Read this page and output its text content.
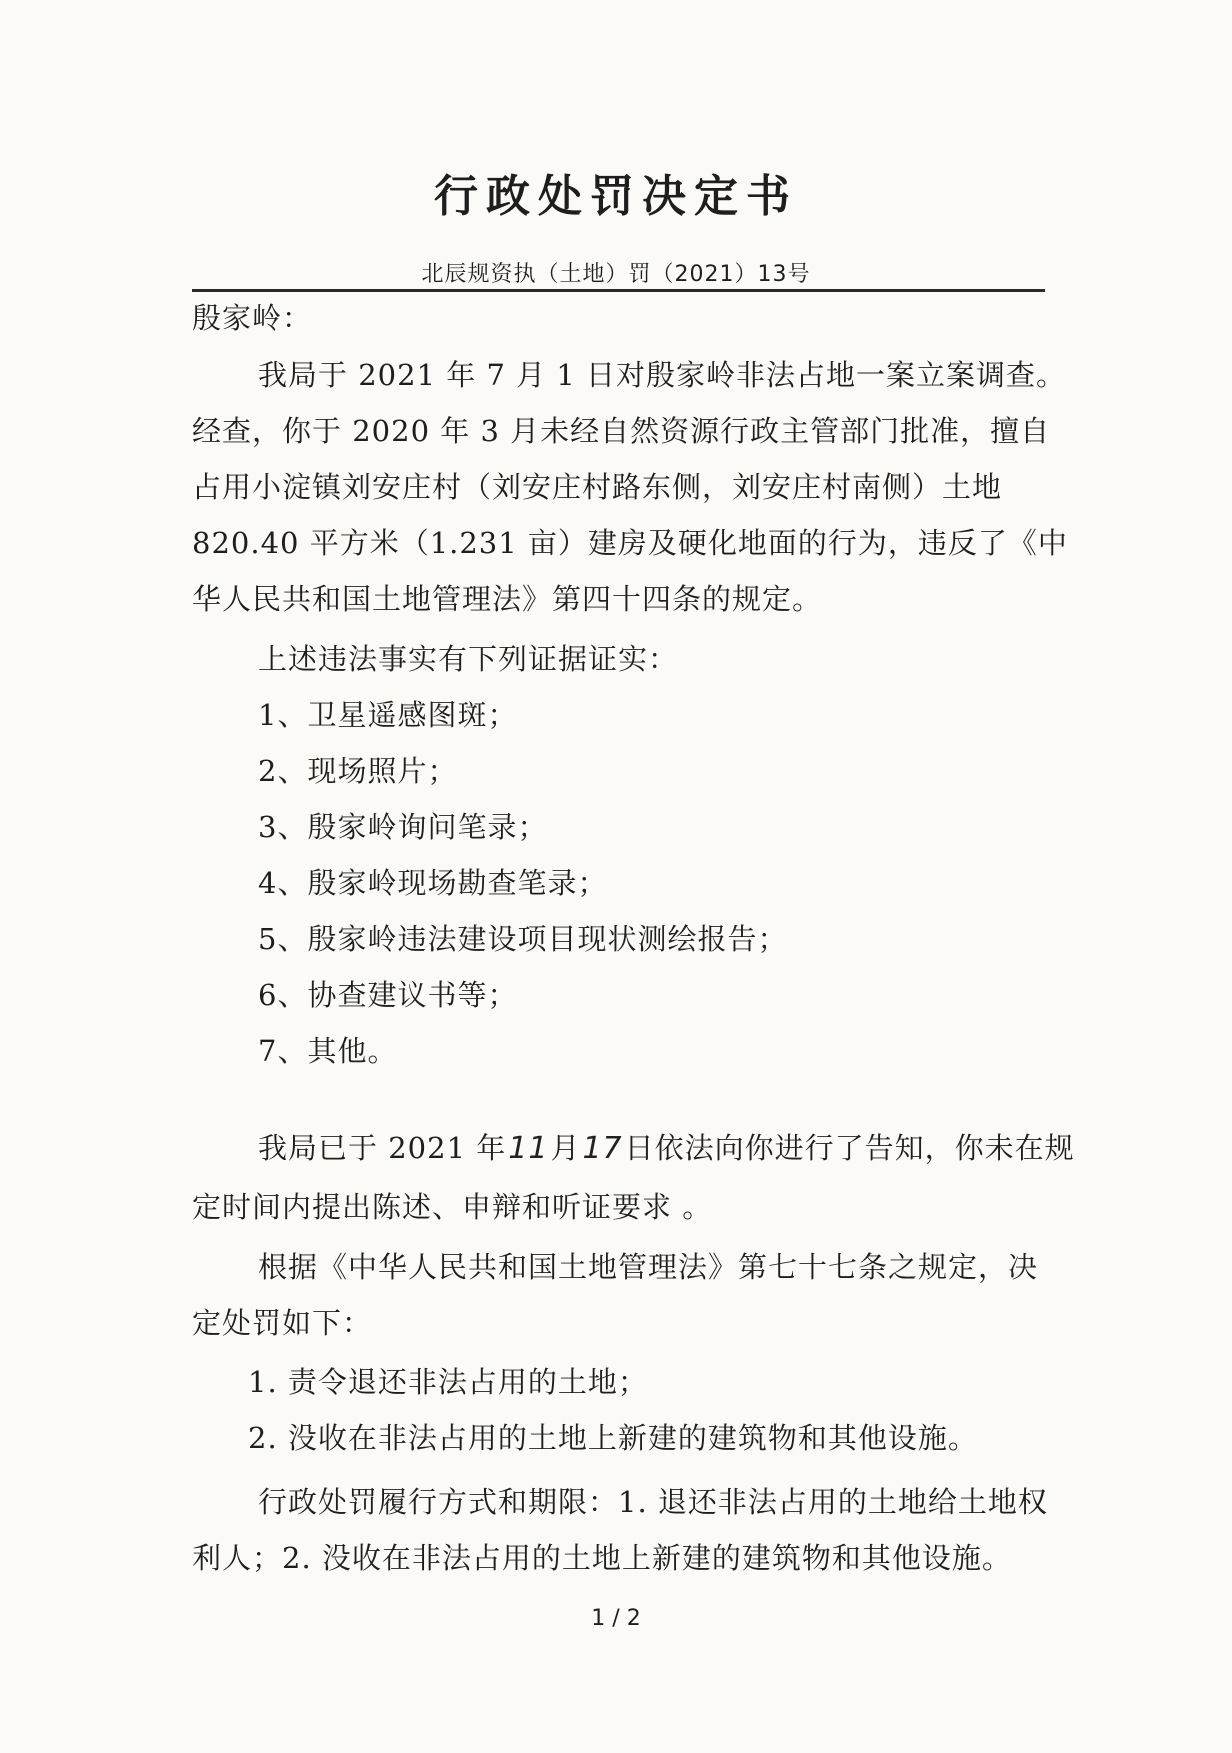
行政处罚决定书
北辰规资执（土地）罚（2021）13号
殷家岭：
我局于 2021 年 7 月 1 日对殷家岭非法占地一案立案调查。
经查，你于 2020 年 3 月未经自然资源行政主管部门批准，擅自
占用小淀镇刘安庄村（刘安庄村路东侧，刘安庄村南侧）土地
820.40 平方米（1.231 亩）建房及硬化地面的行为，违反了《中
华人民共和国土地管理法》第四十四条的规定。
上述违法事实有下列证据证实：
1、卫星遥感图斑；
2、现场照片；
3、殷家岭询问笔录；
4、殷家岭现场勘查笔录；
5、殷家岭违法建设项目现状测绘报告；
6、协查建议书等；
7、其他。
我局已于 2021 年11月17日依法向你进行了告知，你未在规
定时间内提出陈述、申辩和听证要求 。
根据《中华人民共和国土地管理法》第七十七条之规定，决
定处罚如下：
1. 责令退还非法占用的土地；
2. 没收在非法占用的土地上新建的建筑物和其他设施。
行政处罚履行方式和期限：1. 退还非法占用的土地给土地权
利人；2. 没收在非法占用的土地上新建的建筑物和其他设施。
1 / 2
